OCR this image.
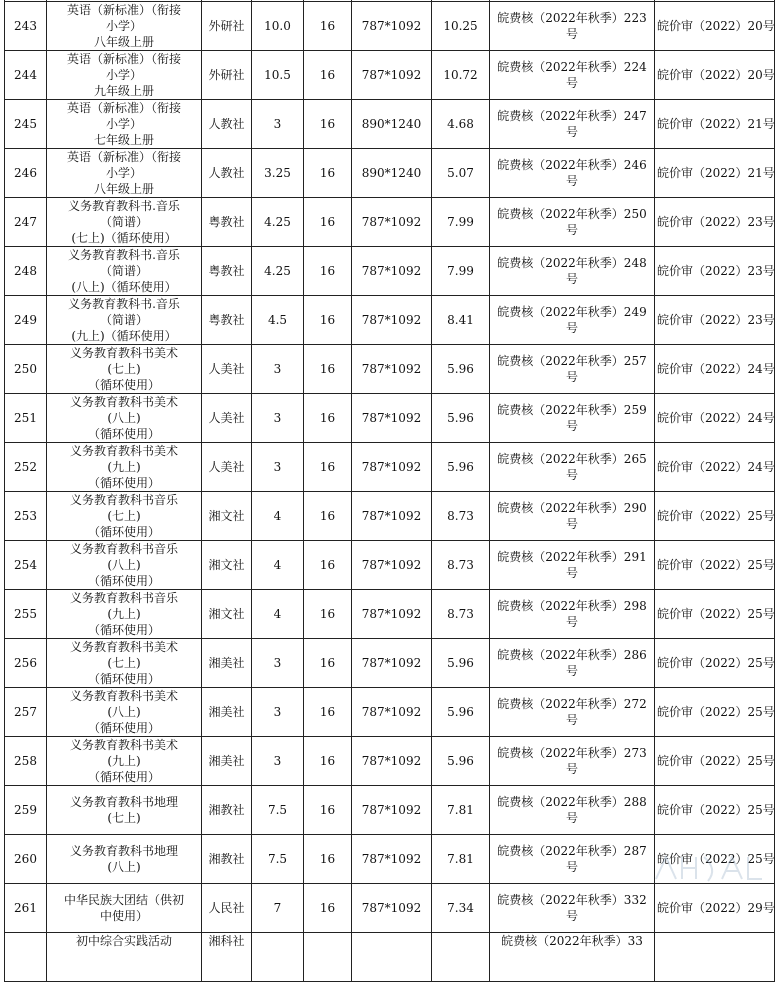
243	英语（新标准）（衔接
小学）
八年级上册	外研社	10.0	16	787*1092	10.25	皖费核（2022年秋季）223
号	皖价审（2022）20号
244	英语（新标准）（衔接
小学）
九年级上册	外研社	10.5	16	787*1092	10.72	皖费核（2022年秋季）224
号	皖价审（2022）20号
245	英语（新标准）（衔接
小学）
七年级上册	人教社	3	16	890*1240	4.68	皖费核（2022年秋季）247
号	皖价审（2022）21号
246	英语（新标准）（衔接
小学）
八年级上册	人教社	3.25	16	890*1240	5.07	皖费核（2022年秋季）246
号	皖价审（2022）21号
247	义务教育教科书.音乐
（简谱）
(七上)（循环使用）	粤教社	4.25	16	787*1092	7.99	皖费核（2022年秋季）250
号	皖价审（2022）23号
248	义务教育教科书.音乐
（简谱）
(八上)（循环使用）	粤教社	4.25	16	787*1092	7.99	皖费核（2022年秋季）248
号	皖价审（2022）23号
249	义务教育教科书.音乐
（简谱）
(九上)（循环使用）	粤教社	4.5	16	787*1092	8.41	皖费核（2022年秋季）249
号	皖价审（2022）23号
250	义务教育教科书美术
(七上)
（循环使用）	人美社	3	16	787*1092	5.96	皖费核（2022年秋季）257
号	皖价审（2022）24号
251	义务教育教科书美术
(八上)
（循环使用）	人美社	3	16	787*1092	5.96	皖费核（2022年秋季）259
号	皖价审（2022）24号
252	义务教育教科书美术
(九上)
（循环使用）	人美社	3	16	787*1092	5.96	皖费核（2022年秋季）265
号	皖价审（2022）24号
253	义务教育教科书音乐
(七上)
（循环使用）	湘文社	4	16	787*1092	8.73	皖费核（2022年秋季）290
号	皖价审（2022）25号
254	义务教育教科书音乐
(八上)
（循环使用）	湘文社	4	16	787*1092	8.73	皖费核（2022年秋季）291
号	皖价审（2022）25号
255	义务教育教科书音乐
(九上)
（循环使用）	湘文社	4	16	787*1092	8.73	皖费核（2022年秋季）298
号	皖价审（2022）25号
256	义务教育教科书美术
(七上)
（循环使用）	湘美社	3	16	787*1092	5.96	皖费核（2022年秋季）286
号	皖价审（2022）25号
257	义务教育教科书美术
(八上)
（循环使用）	湘美社	3	16	787*1092	5.96	皖费核（2022年秋季）272
号	皖价审（2022）25号
258	义务教育教科书美术
(九上)
（循环使用）	湘美社	3	16	787*1092	5.96	皖费核（2022年秋季）273
号	皖价审（2022）25号
259	义务教育教科书地理
(七上)	湘教社	7.5	16	787*1092	7.81	皖费核（2022年秋季）288
号	皖价审（2022）25号
260	义务教育教科书地理
(八上)	湘教社	7.5	16	787*1092	7.81	皖费核（2022年秋季）287
号	皖价审（2022）25号
261	中华民族大团结（供初
中使用）	人民社	7	16	787*1092	7.34	皖费核（2022年秋季）332
号	皖价审（2022）29号

	初中综合实践活动	湘科社					皖费核（2022年秋季）33	
